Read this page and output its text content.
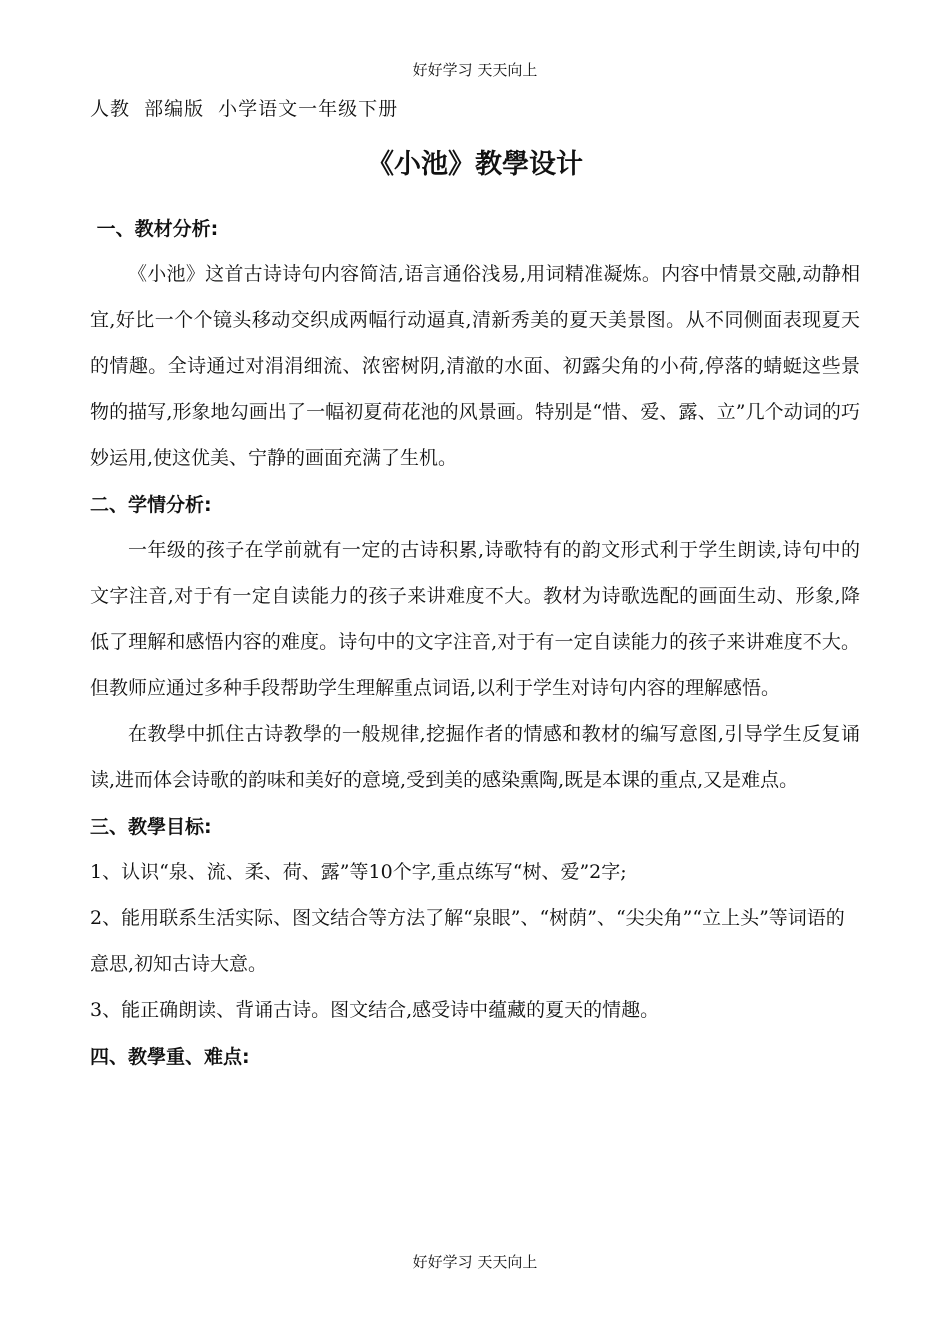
好好学习 天天向上
人教  部编版  小学语文一年级下册
《小池》教學设计
一、教材分析:

《小池》这首古诗诗句内容简洁,语言通俗浅易,用词精准凝炼。内容中情景交融,动静相宜,好比一个个镜头移动交织成两幅行动逼真,清新秀美的夏天美景图。从不同侧面表现夏天的情趣。全诗通过对涓涓细流、浓密树阴,清澈的水面、初露尖角的小荷,停落的蜻蜓这些景物的描写,形象地勾画出了一幅初夏荷花池的风景画。特别是“惜、爱、露、立”几个动词的巧妙运用,使这优美、宁静的画面充满了生机。

二、学情分析:

一年级的孩子在学前就有一定的古诗积累,诗歌特有的韵文形式利于学生朗读,诗句中的文字注音,对于有一定自读能力的孩子来讲难度不大。教材为诗歌选配的画面生动、形象,降低了理解和感悟内容的难度。诗句中的文字注音,对于有一定自读能力的孩子来讲难度不大。但教师应通过多种手段帮助学生理解重点词语,以利于学生对诗句内容的理解感悟。

在教學中抓住古诗教學的一般规律,挖掘作者的情感和教材的编写意图,引导学生反复诵读,进而体会诗歌的韵味和美好的意境,受到美的感染熏陶,既是本课的重点,又是难点。

三、教學目标:

1、认识“泉、流、柔、荷、露”等10个字,重点练写“树、爱”2字;

2、能用联系生活实际、图文结合等方法了解“泉眼”、“树荫”、“尖尖角”“立上头”等词语的意思,初知古诗大意。

3、能正确朗读、背诵古诗。图文结合,感受诗中蕴藏的夏天的情趣。

四、教學重、难点:
好好学习 天天向上
